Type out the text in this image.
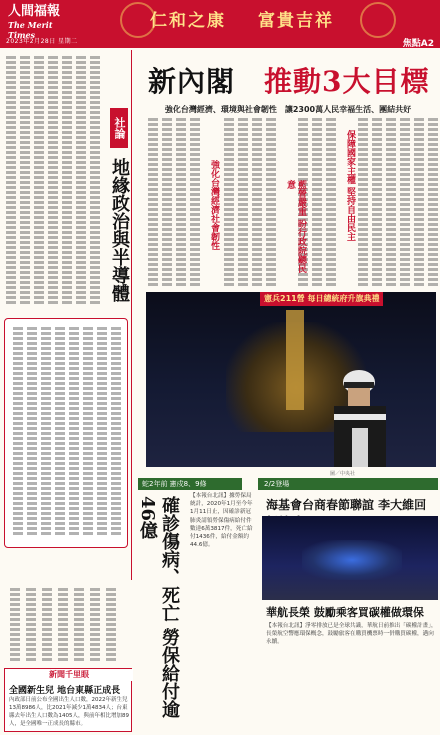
人間福報
The Merit Times
2023年2月28日 星期二
仁和之康 富貴吉祥
焦點A2
社論
地緣政治與半導體
新聞千里眼
全國新生兒 地台東縣正成長
內政部日前公布全國出生人口數，2022年新生兒13萬8986人，比2021年減少1萬4834人；台東縣去年出生人口數為1405人，與前年相比增加89人，是全國唯一正成長的縣市。
新內閣 推動3大目標
強化台灣經濟、環境與社會韌性　讓2300萬人民幸福生活、團結共好
保障國家主權 堅持自由民主
藍營嚴重 盼行政院聽民意
強化台灣經濟社會韌性
憲兵211營 每日總統府升旗典禮
圖／中央社
蛇2年前 憲戍8、9條	2/2登場
確診傷病、死亡 勞保給付逾46億	【本報台北訊】據勞保局統計，2020年1月至今年1月11日止，因確診新冠肺炎請領勞保傷病給付件數達6萬3817件，死亡給付1436件，給付金額約44.6億。
海基會台商春節聯誼 李大維回
華航長榮 鼓勵乘客買碳權做環保
【本報台北訊】淨零排放已是全球共識，華航日前推出「碳權計畫」，長榮航空響應環保概念，鼓勵旅客在購買機票時一併購買碳權，邁向永續。
